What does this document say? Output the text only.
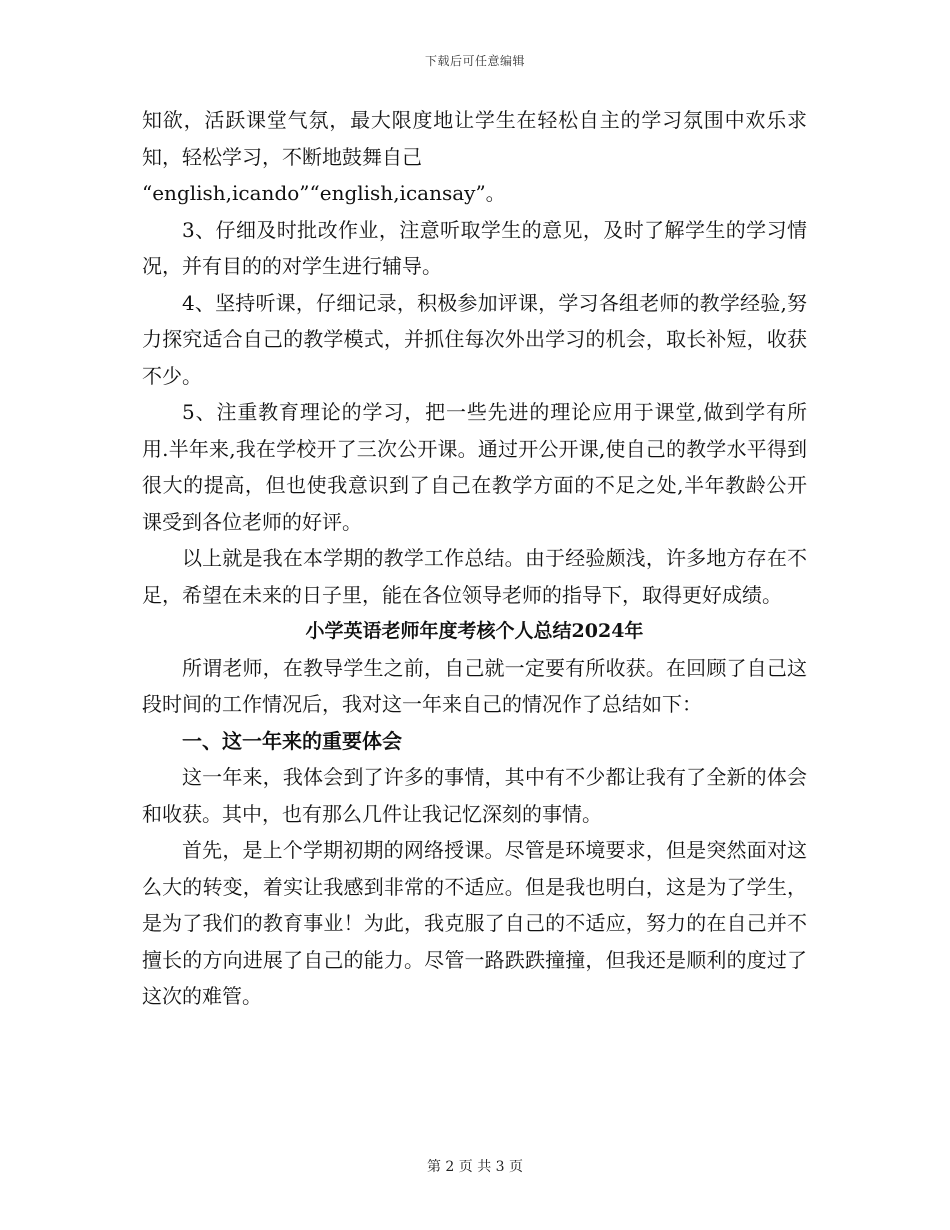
下载后可任意编辑

知欲，活跃课堂气氛，最大限度地让学生在轻松自主的学习氛围中欢乐求知，轻松学习，不断地鼓舞自己

“english,icando”“english,icansay”。

3、仔细及时批改作业，注意听取学生的意见，及时了解学生的学习情况，并有目的的对学生进行辅导。

4、坚持听课，仔细记录，积极参加评课，学习各组老师的教学经验,努力探究适合自己的教学模式，并抓住每次外出学习的机会，取长补短，收获不少。

5、注重教育理论的学习，把一些先进的理论应用于课堂,做到学有所用.半年来,我在学校开了三次公开课。通过开公开课,使自己的教学水平得到很大的提高，但也使我意识到了自己在教学方面的不足之处,半年教龄公开课受到各位老师的好评。

以上就是我在本学期的教学工作总结。由于经验颇浅，许多地方存在不足，希望在未来的日子里，能在各位领导老师的指导下，取得更好成绩。

小学英语老师年度考核个人总结2024年

所谓老师，在教导学生之前，自己就一定要有所收获。在回顾了自己这段时间的工作情况后，我对这一年来自己的情况作了总结如下：

一、这一年来的重要体会

这一年来，我体会到了许多的事情，其中有不少都让我有了全新的体会和收获。其中，也有那么几件让我记忆深刻的事情。

首先，是上个学期初期的网络授课。尽管是环境要求，但是突然面对这么大的转变，着实让我感到非常的不适应。但是我也明白，这是为了学生，是为了我们的教育事业！为此，我克服了自己的不适应，努力的在自己并不擅长的方向进展了自己的能力。尽管一路跌跌撞撞，但我还是顺利的度过了这次的难管。

第 2 页 共 3 页
